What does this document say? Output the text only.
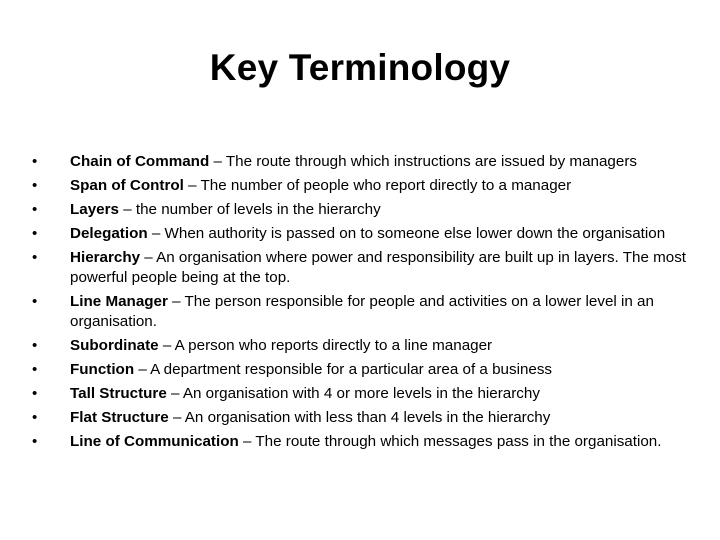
Key Terminology
•	Chain of Command – The route through which instructions are issued by managers
•	Span of Control – The number of people who report directly to a manager
•	Layers – the number of levels in the hierarchy
•	Delegation – When authority is passed on to someone else lower down the organisation
•	Hierarchy – An organisation where power and responsibility are built up in layers. The most powerful people being at the top.
•	Line Manager – The person responsible for people and activities on a lower level in an organisation.
•	Subordinate – A person who reports directly to a line manager
•	Function – A department responsible for a particular area of a business
•	Tall Structure – An organisation with 4 or more levels in the hierarchy
•	Flat Structure – An organisation with less than 4 levels in the hierarchy
•	Line of Communication – The route through which messages pass in the organisation.
